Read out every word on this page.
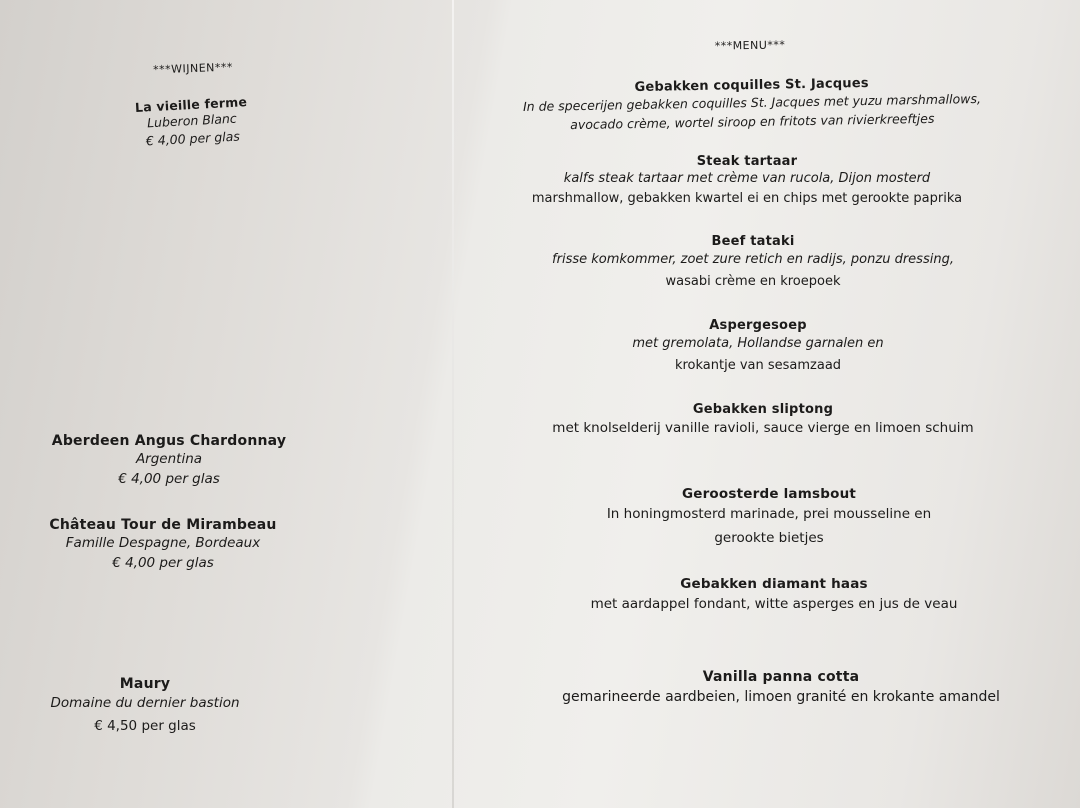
***WIJNEN***
La vieille ferme
Luberon Blanc
€ 4,00 per glas
Aberdeen Angus Chardonnay
Argentina
€ 4,00 per glas
Château Tour de Mirambeau
Famille Despagne, Bordeaux
€ 4,00 per glas
Maury
Domaine du dernier bastion
€ 4,50 per glas
***MENU***
Gebakken coquilles St. Jacques
In de specerijen gebakken coquilles St. Jacques met yuzu marshmallows,
avocado crème, wortel siroop en fritots van rivierkreeftjes
Steak tartaar
kalfs steak tartaar met crème van rucola, Dijon mosterd
marshmallow, gebakken kwartel ei en chips met gerookte paprika
Beef tataki
frisse komkommer, zoet zure retich en radijs, ponzu dressing,
wasabi crème en kroepoek
Aspergesoep
met gremolata, Hollandse garnalen en
krokantje van sesamzaad
Gebakken sliptong
met knolselderij vanille ravioli, sauce vierge en limoen schuim
Geroosterde lamsbout
In honingmosterd marinade, prei mousseline en
gerookte bietjes
Gebakken diamant haas
met aardappel fondant, witte asperges en jus de veau
Vanilla panna cotta
gemarineerde aardbeien, limoen granité en krokante amandel
